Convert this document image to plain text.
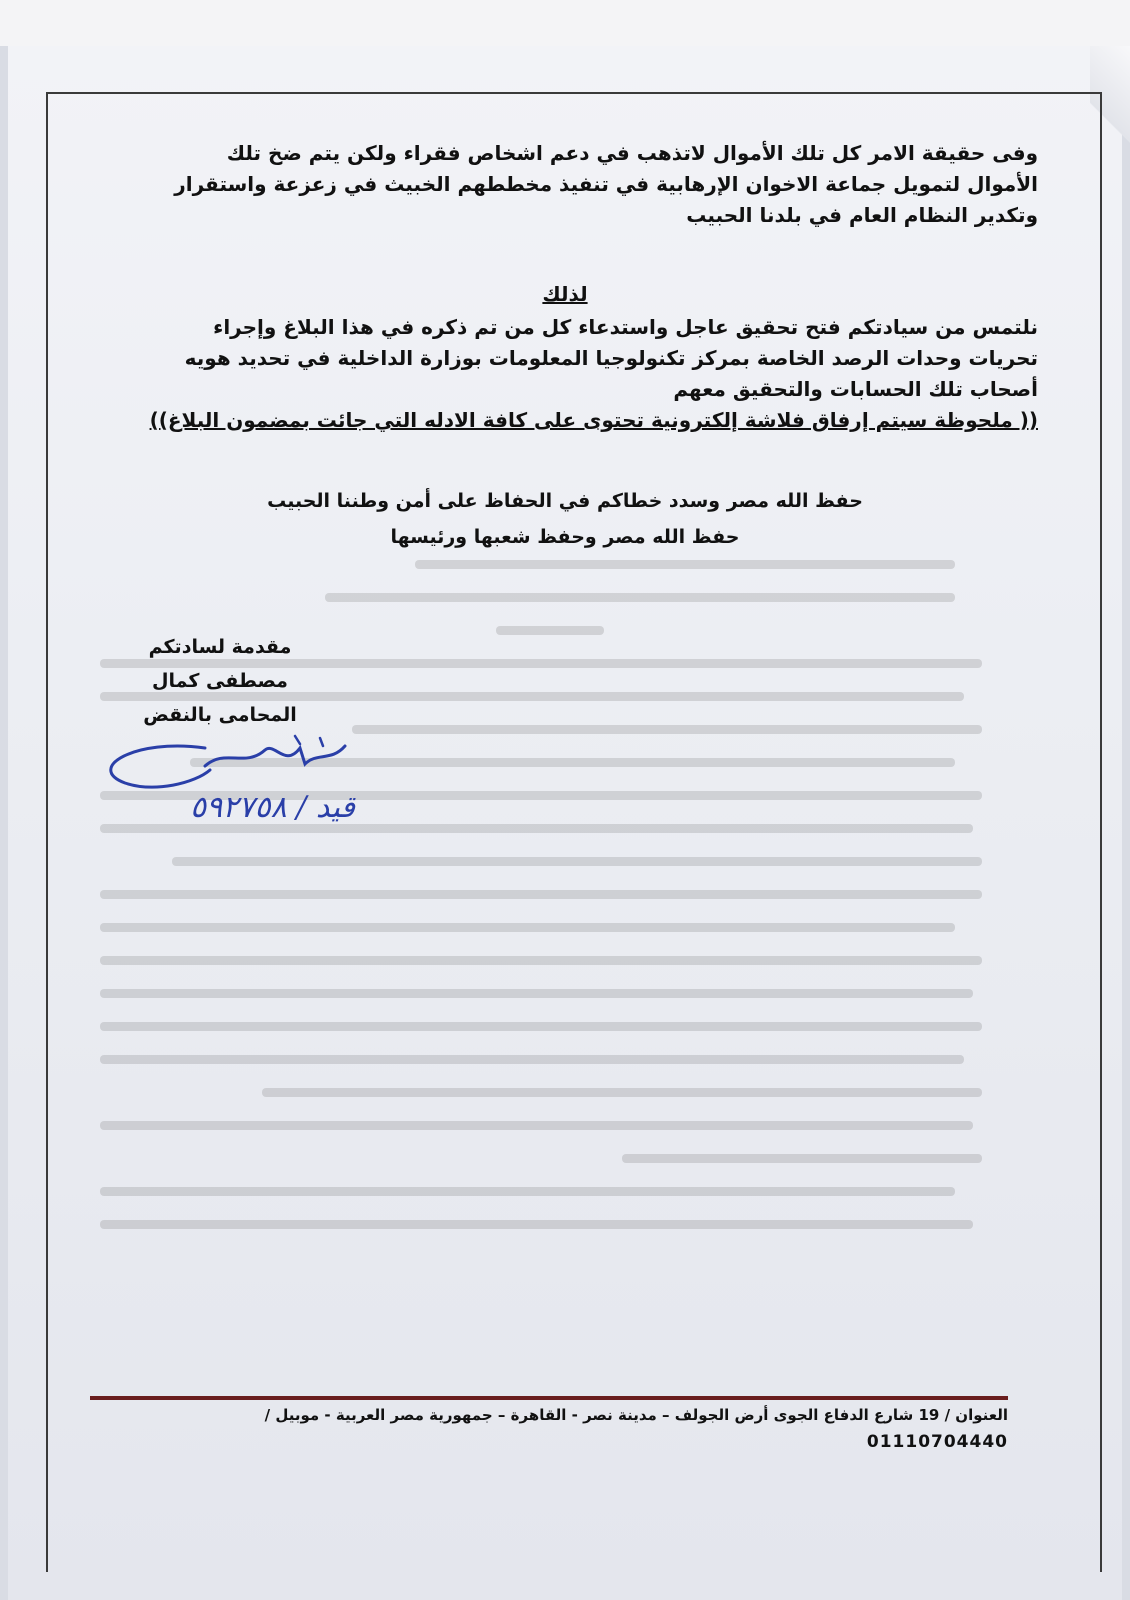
وفى حقيقة الامر كل تلك الأموال لاتذهب في دعم اشخاص فقراء ولكن يتم ضخ تلك الأموال لتمويل جماعة الاخوان الإرهابية في تنفيذ مخططهم الخبيث في زعزعة واستقرار وتكدير النظام العام في بلدنا الحبيب
لذلك
نلتمس من سيادتكم فتح تحقيق عاجل واستدعاء كل من تم ذكره في هذا البلاغ وإجراء تحريات وحدات الرصد الخاصة بمركز تكنولوجيا المعلومات بوزارة الداخلية في تحديد هويه أصحاب تلك الحسابات والتحقيق معهم
(( ملحوظة سيتم إرفاق فلاشة إلكترونية تحتوى على كافة الادله التي جائت بمضمون البلاغ))
حفظ الله مصر وسدد خطاكم في الحفاظ على أمن وطننا الحبيب
حفظ الله مصر وحفظ شعبها ورئيسها
مقدمة لسادتكم
مصطفى كمال
المحامى بالنقض
قيد / ٥٩٢٧٥٨
العنوان / 19 شارع الدفاع الجوى أرض الجولف – مدينة نصر - القاهرة – جمهورية مصر العربية - موبيل /
01110704440
